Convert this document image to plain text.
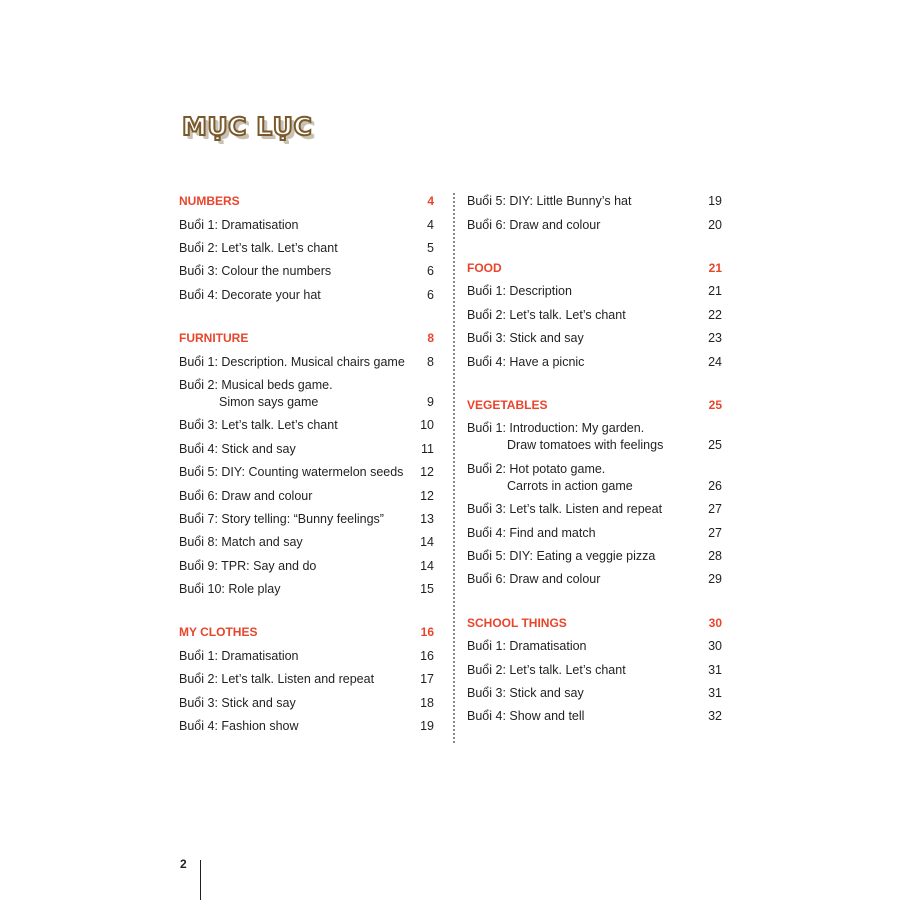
MỤC LỤC
NUMBERS	4
Buổi 1: Dramatisation	4
Buổi 2: Let’s talk. Let’s chant	5
Buổi 3: Colour the numbers	6
Buổi 4: Decorate your hat	6
FURNITURE	8
Buổi 1: Description. Musical chairs game	8
Buổi 2: Musical beds game.
Simon says game	9
Buổi 3: Let’s talk. Let’s chant	10
Buổi 4: Stick and say	11
Buổi 5: DIY: Counting watermelon seeds	12
Buổi 6: Draw and colour	12
Buổi 7: Story telling: “Bunny feelings”	13
Buổi 8: Match and say	14
Buổi 9: TPR: Say and do	14
Buổi 10: Role play	15
MY CLOTHES	16
Buổi 1: Dramatisation	16
Buổi 2: Let’s talk. Listen and repeat	17
Buổi 3: Stick and say	18
Buổi 4: Fashion show	19
Buổi 5: DIY: Little Bunny’s hat	19
Buổi 6: Draw and colour	20
FOOD	21
Buổi 1: Description	21
Buổi 2: Let’s talk. Let’s chant	22
Buổi 3: Stick and say	23
Buổi 4: Have a picnic	24
VEGETABLES	25
Buổi 1: Introduction: My garden.
Draw tomatoes with feelings	25
Buổi 2: Hot potato game.
Carrots in action game	26
Buổi 3: Let’s talk. Listen and repeat	27
Buổi 4: Find and match	27
Buổi 5: DIY: Eating a veggie pizza	28
Buổi 6: Draw and colour	29
SCHOOL THINGS	30
Buổi 1: Dramatisation	30
Buổi 2: Let’s talk. Let’s chant	31
Buổi 3: Stick and say	31
Buổi 4: Show and tell	32
2
